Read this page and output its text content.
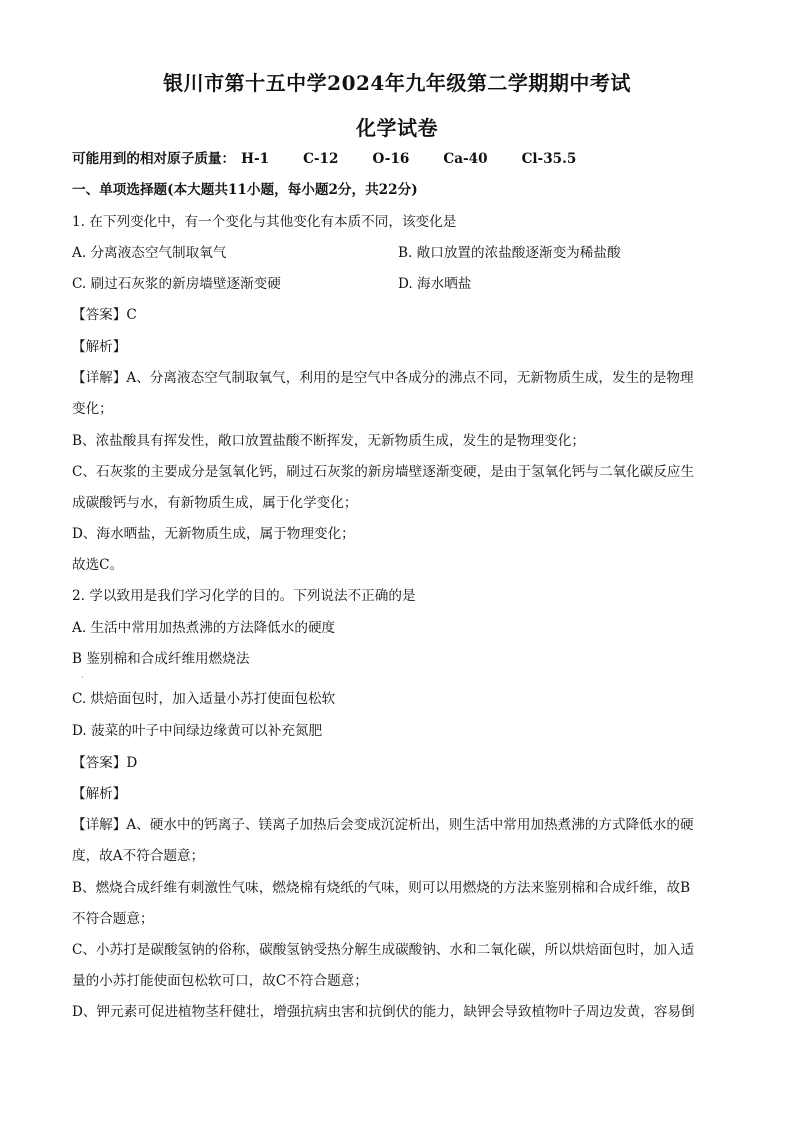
银川市第十五中学2024年九年级第二学期期中考试
化学试卷
可能用到的相对原子质量： H-1	C-12	O-16	Ca-40	Cl-35.5
一、单项选择题(本大题共11小题，每小题2分，共22分)
1. 在下列变化中，有一个变化与其他变化有本质不同，该变化是
A. 分离液态空气制取氧气	B. 敞口放置的浓盐酸逐渐变为稀盐酸
C. 刷过石灰浆的新房墙壁逐渐变硬	D. 海水晒盐
【答案】C
【解析】
【详解】A、分离液态空气制取氧气，利用的是空气中各成分的沸点不同，无新物质生成，发生的是物理
变化；
B、浓盐酸具有挥发性，敞口放置盐酸不断挥发，无新物质生成，发生的是物理变化；
C、石灰浆的主要成分是氢氧化钙，刷过石灰浆的新房墙壁逐渐变硬，是由于氢氧化钙与二氧化碳反应生
成碳酸钙与水，有新物质生成，属于化学变化；
D、海水晒盐，无新物质生成，属于物理变化；
故选C。
2. 学以致用是我们学习化学的目的。下列说法不正确的是
A. 生活中常用加热煮沸的方法降低水的硬度
B 鉴别棉和合成纤维用燃烧法
·
C. 烘焙面包时，加入适量小苏打使面包松软
D. 菠菜的叶子中间绿边缘黄可以补充氮肥
【答案】D
【解析】
【详解】A、硬水中的钙离子、镁离子加热后会变成沉淀析出，则生活中常用加热煮沸的方式降低水的硬
度，故A不符合题意；
B、燃烧合成纤维有刺激性气味，燃烧棉有烧纸的气味，则可以用燃烧的方法来鉴别棉和合成纤维，故B
不符合题意；
C、小苏打是碳酸氢钠的俗称，碳酸氢钠受热分解生成碳酸钠、水和二氧化碳，所以烘焙面包时，加入适
量的小苏打能使面包松软可口，故C不符合题意；
D、钾元素可促进植物茎秆健壮，增强抗病虫害和抗倒伏的能力，缺钾会导致植物叶子周边发黄，容易倒
